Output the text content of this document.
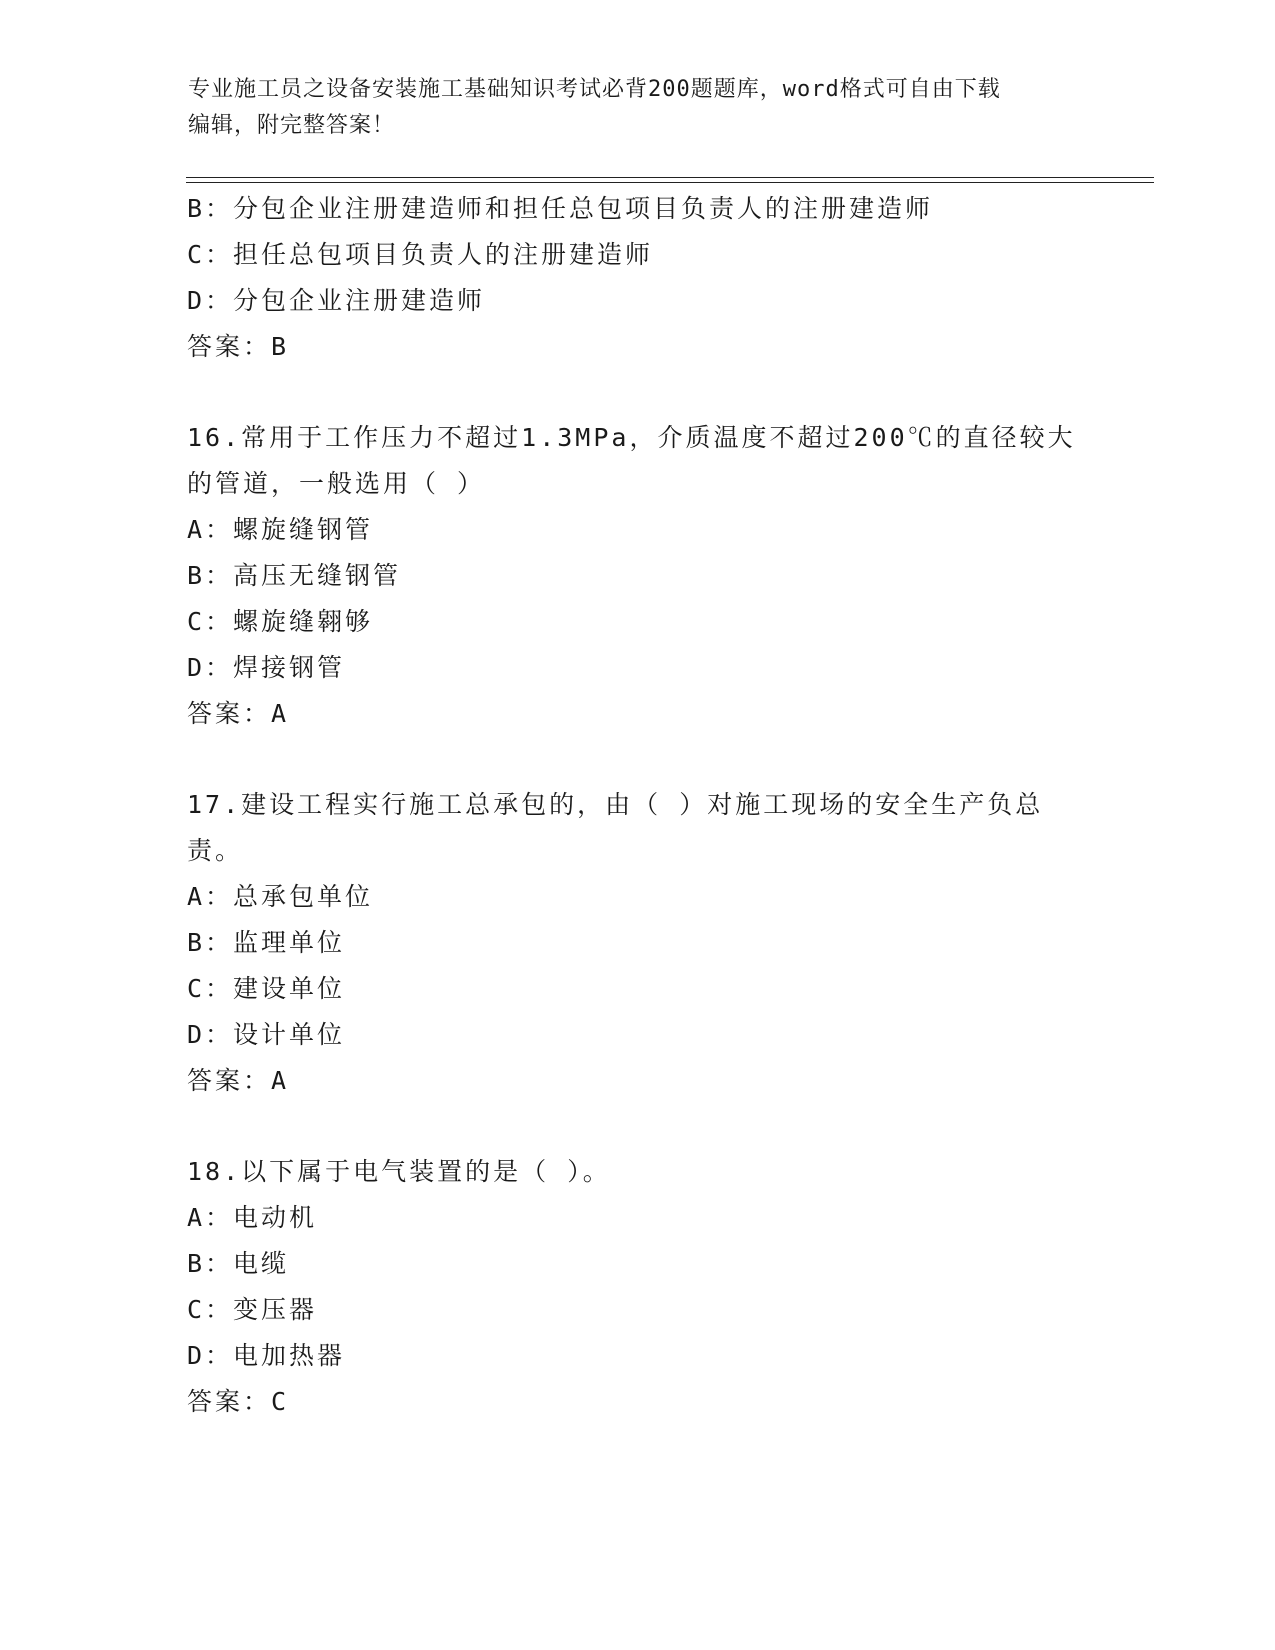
专业施工员之设备安装施工基础知识考试必背200题题库，word格式可自由下载
编辑，附完整答案！
B：分包企业注册建造师和担任总包项目负责人的注册建造师
C：担任总包项目负责人的注册建造师
D：分包企业注册建造师
答案：B
16.常用于工作压力不超过1.3MPa，介质温度不超过200℃的直径较大
的管道，一般选用（ ）
A：螺旋缝钢管
B：高压无缝钢管
C：螺旋缝翱够
D：焊接钢管
答案：A
17.建设工程实行施工总承包的，由（ ）对施工现场的安全生产负总
责。
A：总承包单位
B：监理单位
C：建设单位
D：设计单位
答案：A
18.以下属于电气装置的是（ ）。
A：电动机
B：电缆
C：变压器
D：电加热器
答案：C
